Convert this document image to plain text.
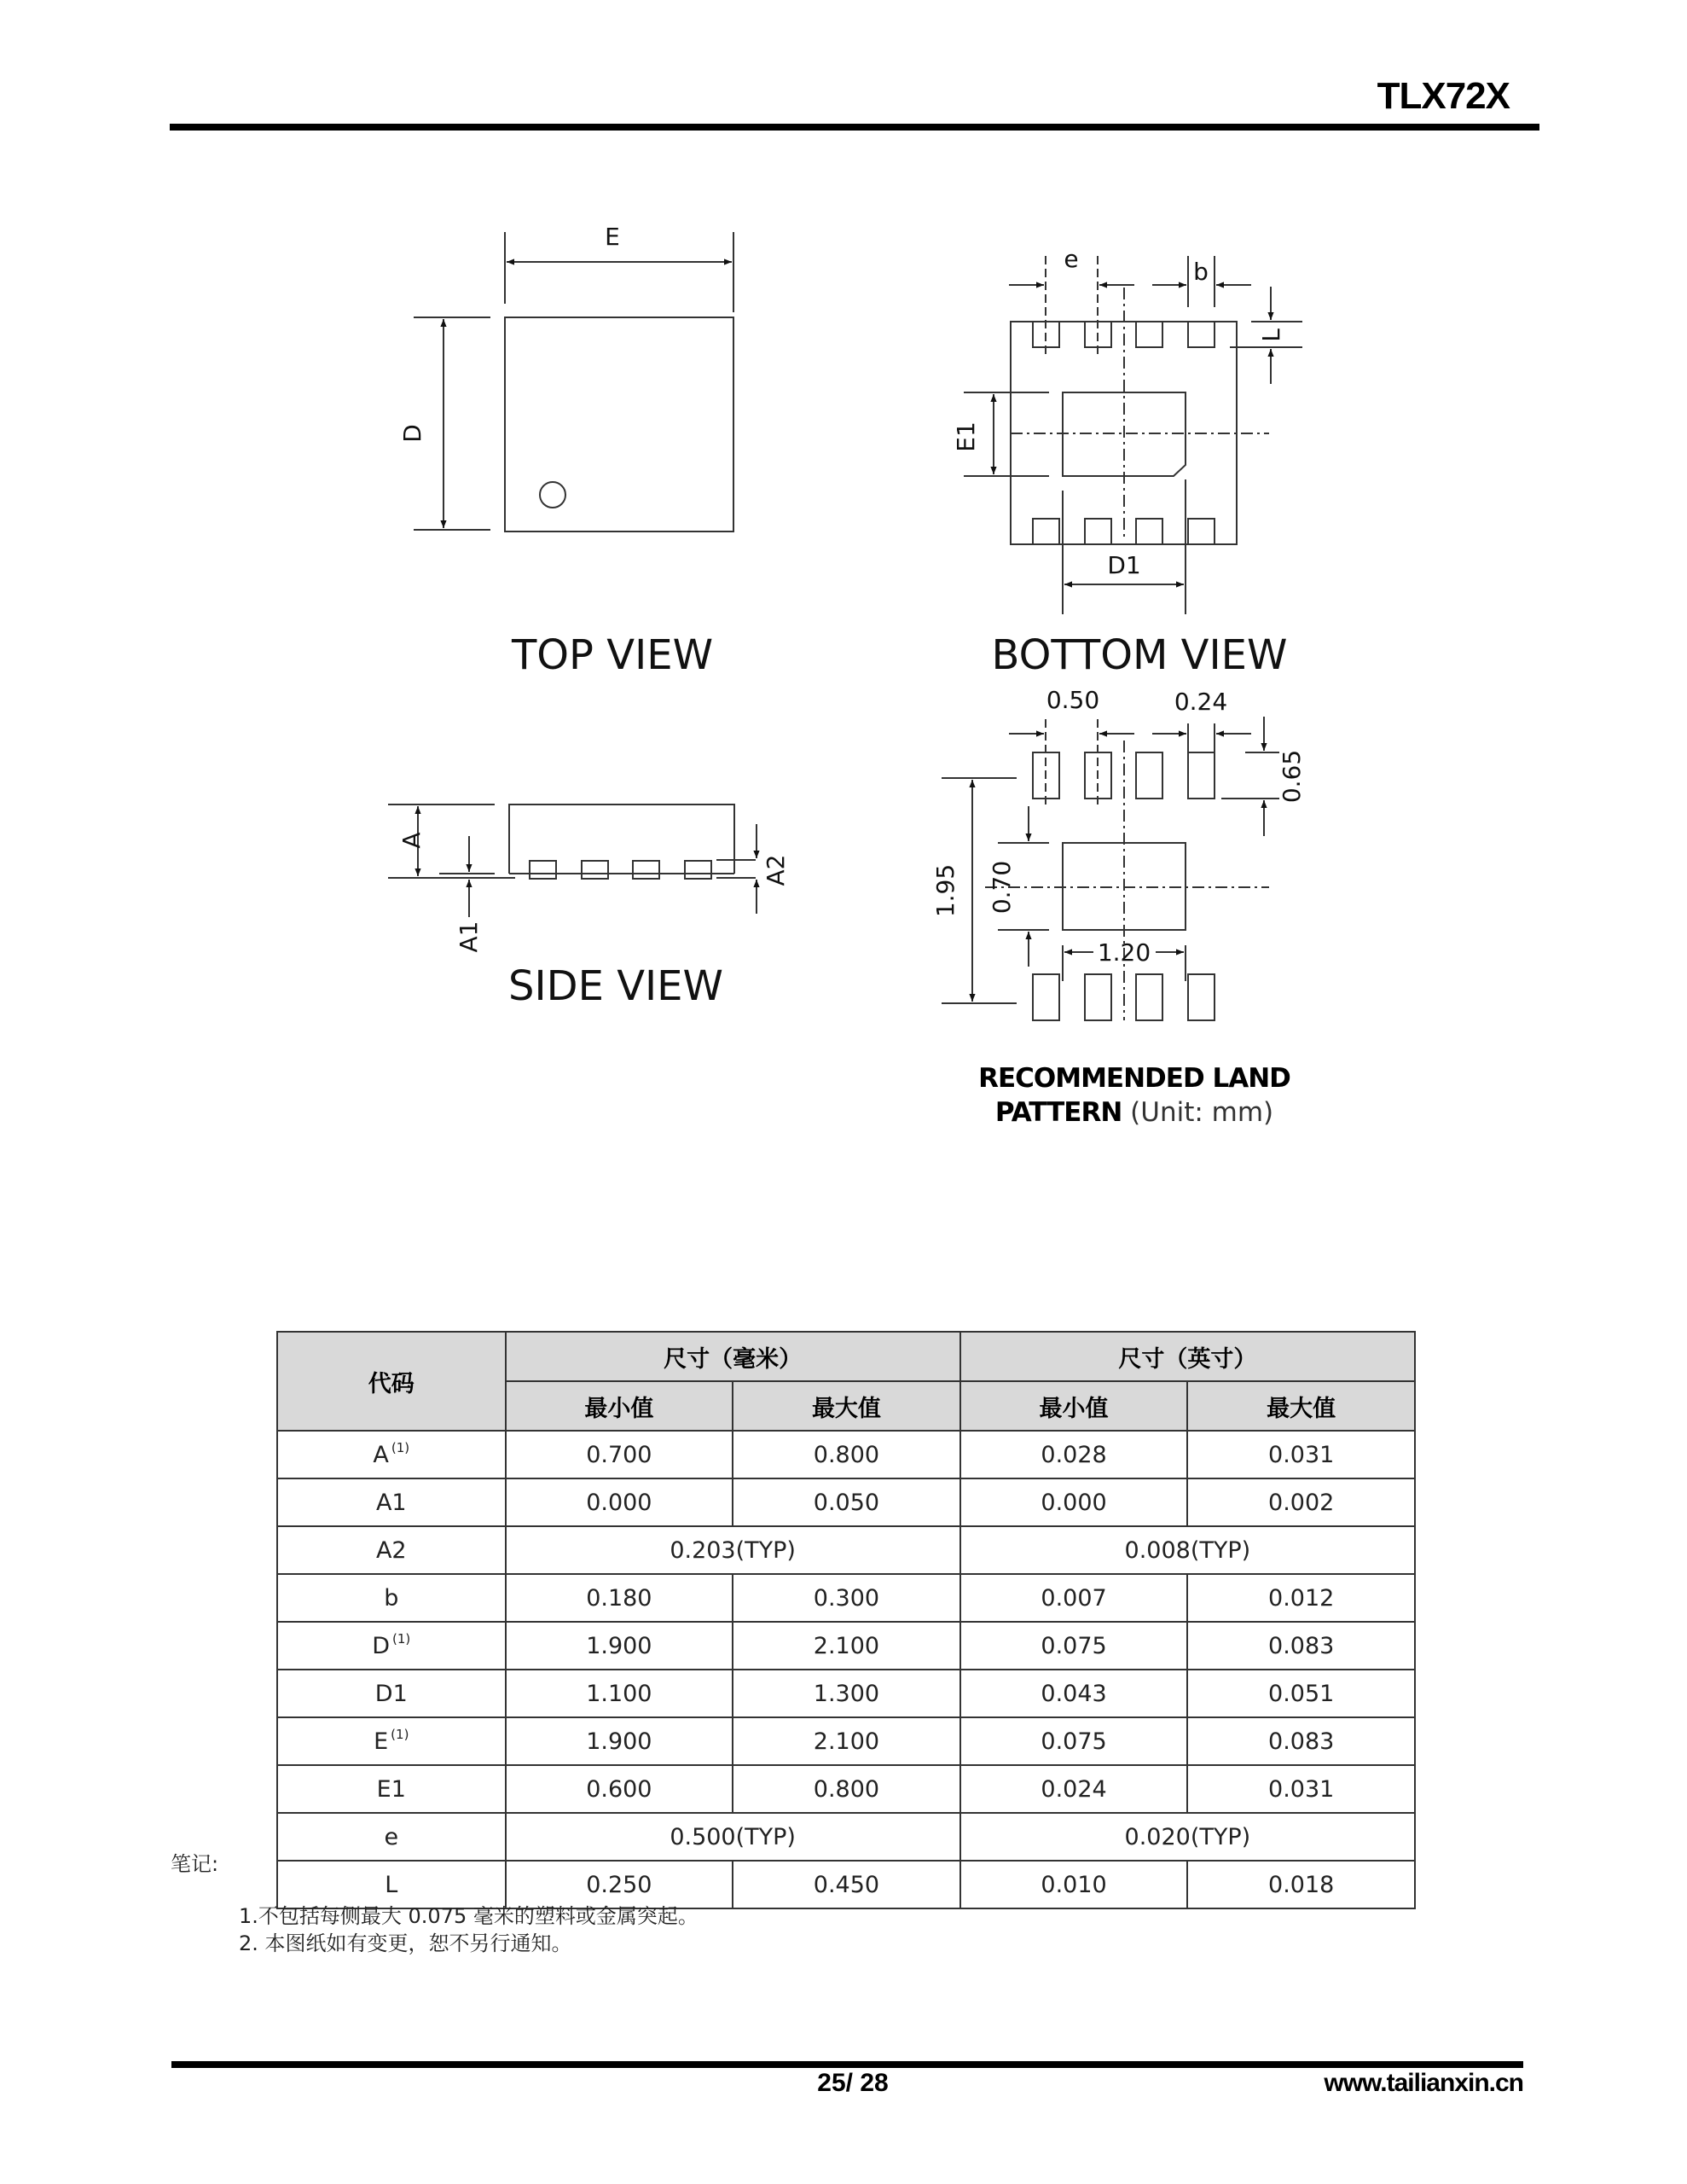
TLX72X
E
D
TOP VIEW
e	b
L
E1
D1
BOTTOM VIEW
A
A1
A2
SIDE VIEW
0.50	0.24
0.65
1.95 0.70
1.20
RECOMMENDED LAND
PATTERN (Unit: mm)
代码	尺寸（毫米）		尺寸（英寸）	
	最小值	最大值	最小值	最大值
A $^{(1)}$	0.700	0.800	0.028	0.031
A1	0.000	0.050	0.000	0.002
A2	0.203(TYP)		0.008(TYP)	
b	0.180	0.300	0.007	0.012
D $^{(1)}$	1.900	2.100	0.075	0.083
D1	1.100	1.300	0.043	0.051
E $^{(1)}$	1.900	2.100	0.075	0.083
E1	0.600	0.800	0.024	0.031
e	0.500(TYP)		0.020(TYP)	
L	0.250	0.450	0.010	0.018
笔记:
1.不包括每侧最大 0.075 毫米的塑料或金属突起。
2. 本图纸如有变更，恕不另行通知。
25/ 28	www.tailianxin.cn
